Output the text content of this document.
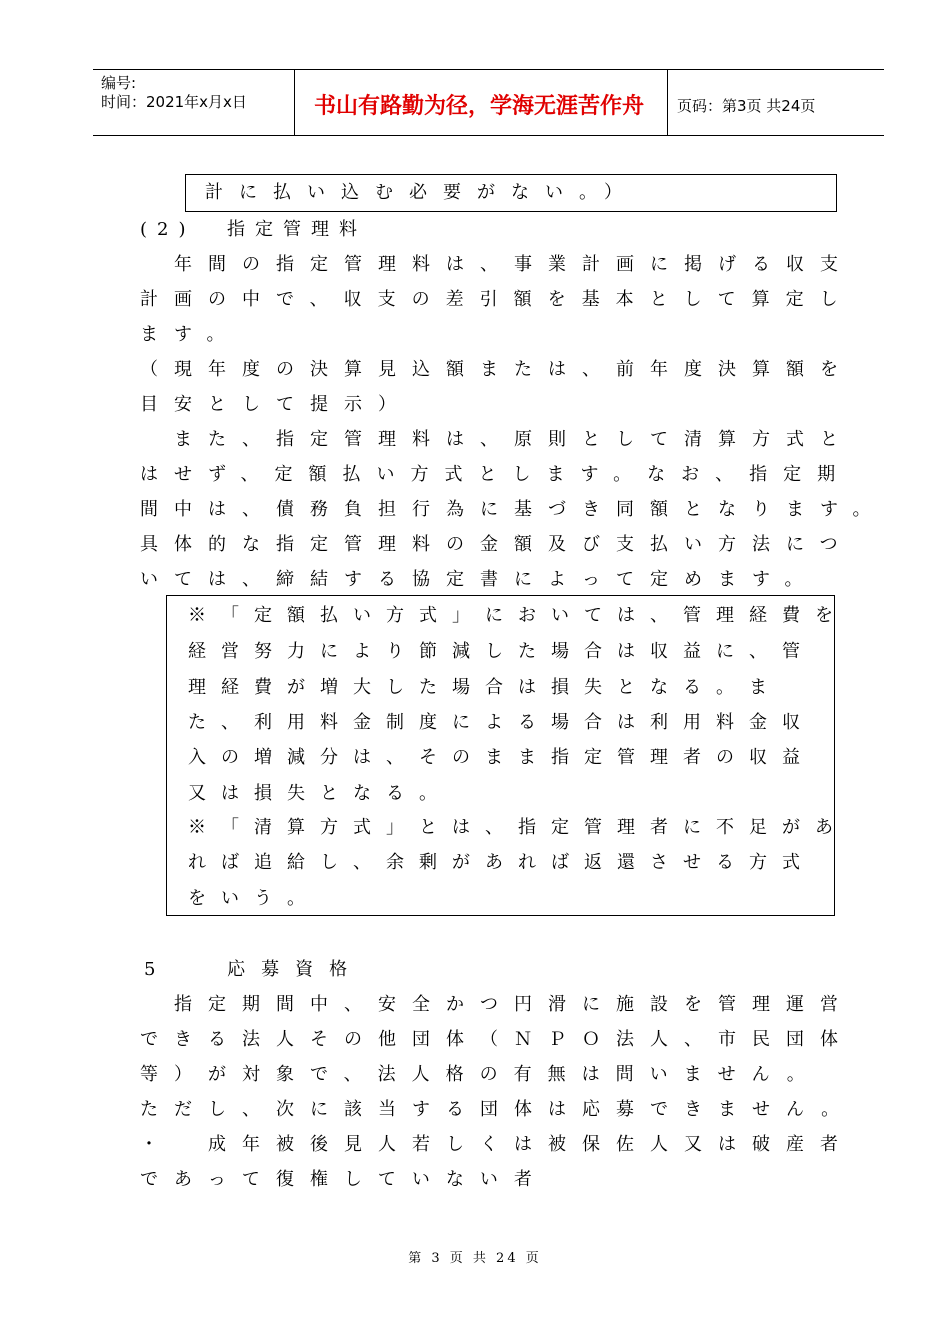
编号:
时间：2021年x月x日	书山有路勤为径，学海无涯苦作舟 页码：第3页 共24页
計に払い込む必要がない。）
(2)  指定管理料
　年間の指定管理料は、事業計画に掲げる収支
計画の中で、収支の差引額を基本として算定し
ます。
（現年度の決算見込額または、前年度決算額を
目安として提示）
　また、指定管理料は、原則として清算方式と
はせず、定額払い方式とします。なお、指定期
間中は、債務負担行為に基づき同額となります。
具体的な指定管理料の金額及び支払い方法につ
いては、締結する協定書によって定めます。
※「定額払い方式」においては、管理経費を
経営努力により節減した場合は収益に、管
理経費が増大した場合は損失となる。ま
た、利用料金制度による場合は利用料金収
入の増減分は、そのまま指定管理者の収益
又は損失となる。
※「清算方式」とは、指定管理者に不足があ
れば追給し、余剰があれば返還させる方式
をいう。
5　 応募資格
　指定期間中、安全かつ円滑に施設を管理運営
できる法人その他団体（ＮＰＯ法人、市民団体
等）が対象で、法人格の有無は問いません。
ただし、次に該当する団体は応募できません。
・　成年被後見人若しくは被保佐人又は破産者
であって復権していない者
第 3 页 共 24 页
